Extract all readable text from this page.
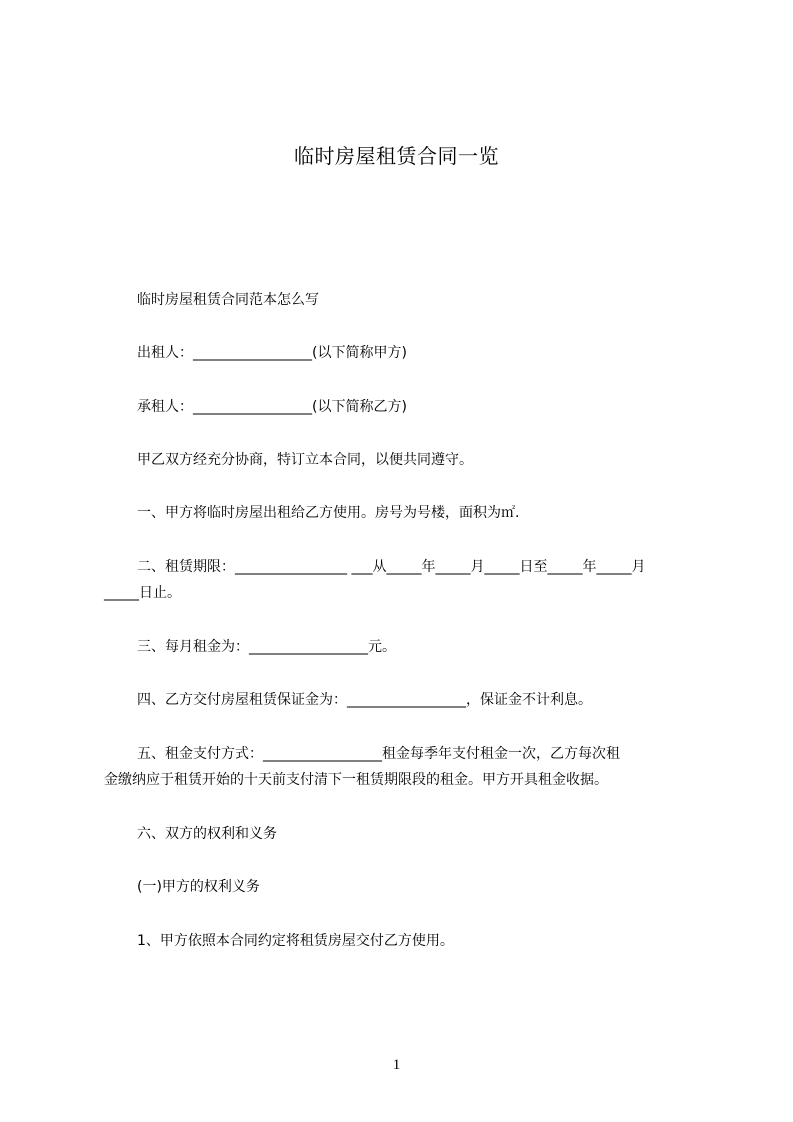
临时房屋租赁合同一览
临时房屋租赁合同范本怎么写
出租人：_________________(以下简称甲方)
承租人：_________________(以下简称乙方)
甲乙双方经充分协商，特订立本合同，以便共同遵守。
一、甲方将临时房屋出租给乙方使用。房号为号楼，面积为㎡.
二、租赁期限：________________ ___从_____年_____月_____日至_____年_____月
_____日止。
三、每月租金为：_________________元。
四、乙方交付房屋租赁保证金为：_________________，保证金不计利息。
五、租金支付方式：_________________租金每季年支付租金一次，乙方每次租
金缴纳应于租赁开始的十天前支付清下一租赁期限段的租金。甲方开具租金收据。
六、双方的权利和义务
(一)甲方的权利义务
1、甲方依照本合同约定将租赁房屋交付乙方使用。
1
